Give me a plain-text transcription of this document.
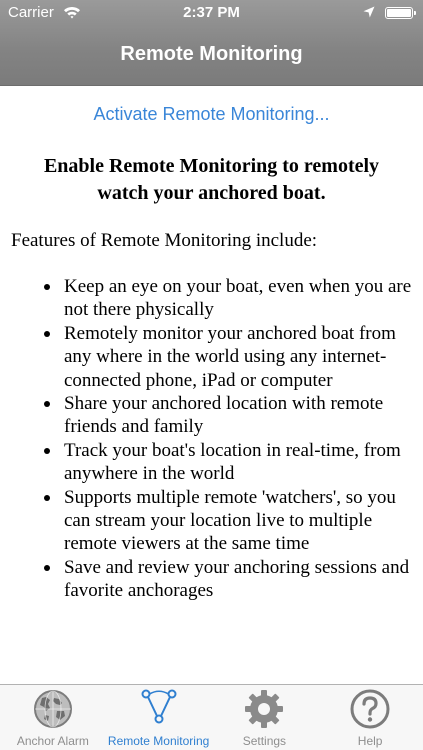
Carrier	2:37 PM
Remote Monitoring
Activate Remote Monitoring...
Enable Remote Monitoring to remotely watch your anchored boat.
Features of Remote Monitoring include:
Keep an eye on your boat, even when you are not there physically
Remotely monitor your anchored boat from any where in the world using any internet-connected phone, iPad or computer
Share your anchored location with remote friends and family
Track your boat's location in real-time, from anywhere in the world
Supports multiple remote 'watchers', so you can stream your location live to multiple remote viewers at the same time
Save and review your anchoring sessions and favorite anchorages
Anchor Alarm	Remote Monitoring	Settings	Help
